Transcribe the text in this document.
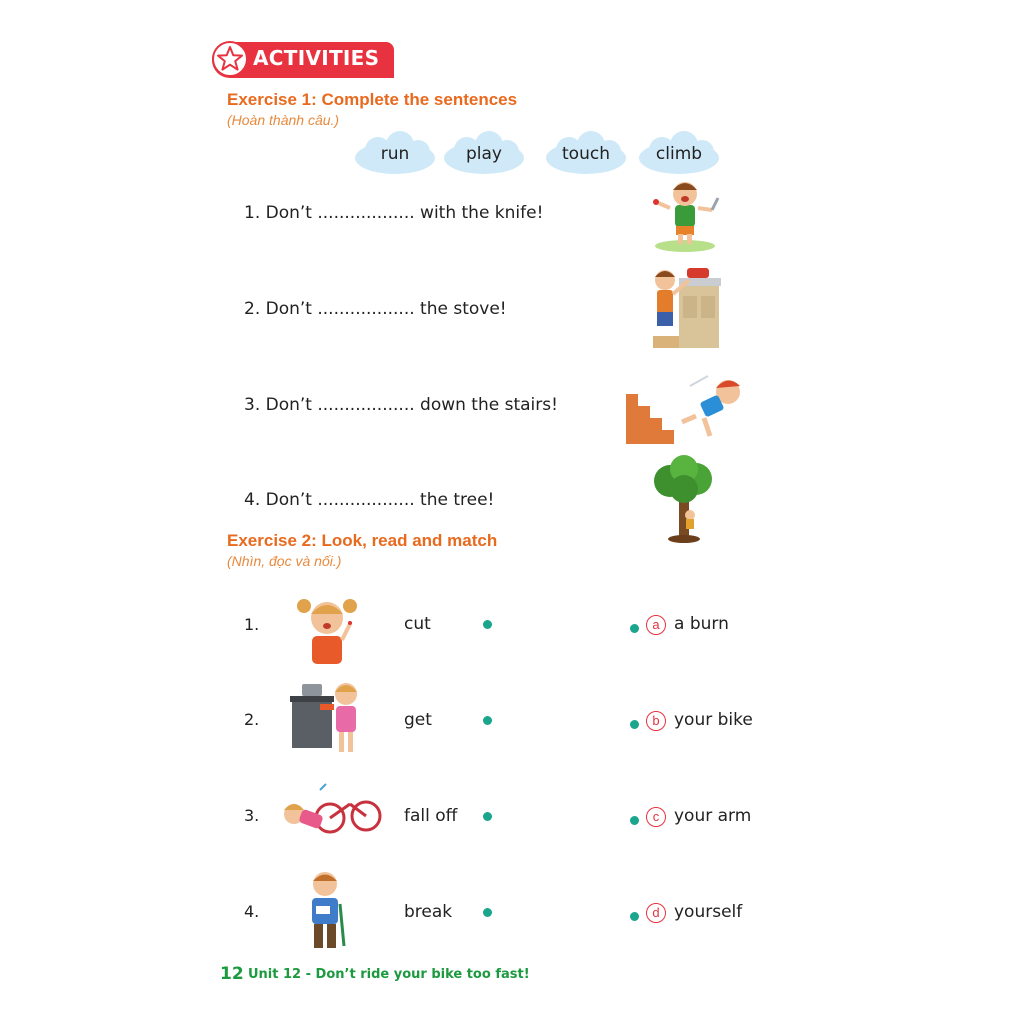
ACTIVITIES
Exercise 1: Complete the sentences
(Hoàn thành câu.)
run	play	touch	climb
1. Don’t .................. with the knife!
2. Don’t .................. the stove!
3. Don’t .................. down the stairs!
4. Don’t .................. the tree!
Exercise 2: Look, read and match
(Nhìn, đọc và nối.)
1.	cut	a a burn
2.	get	b your bike
3.	fall off	c your arm
4.	break	d yourself
12 Unit 12 - Don’t ride your bike too fast!
